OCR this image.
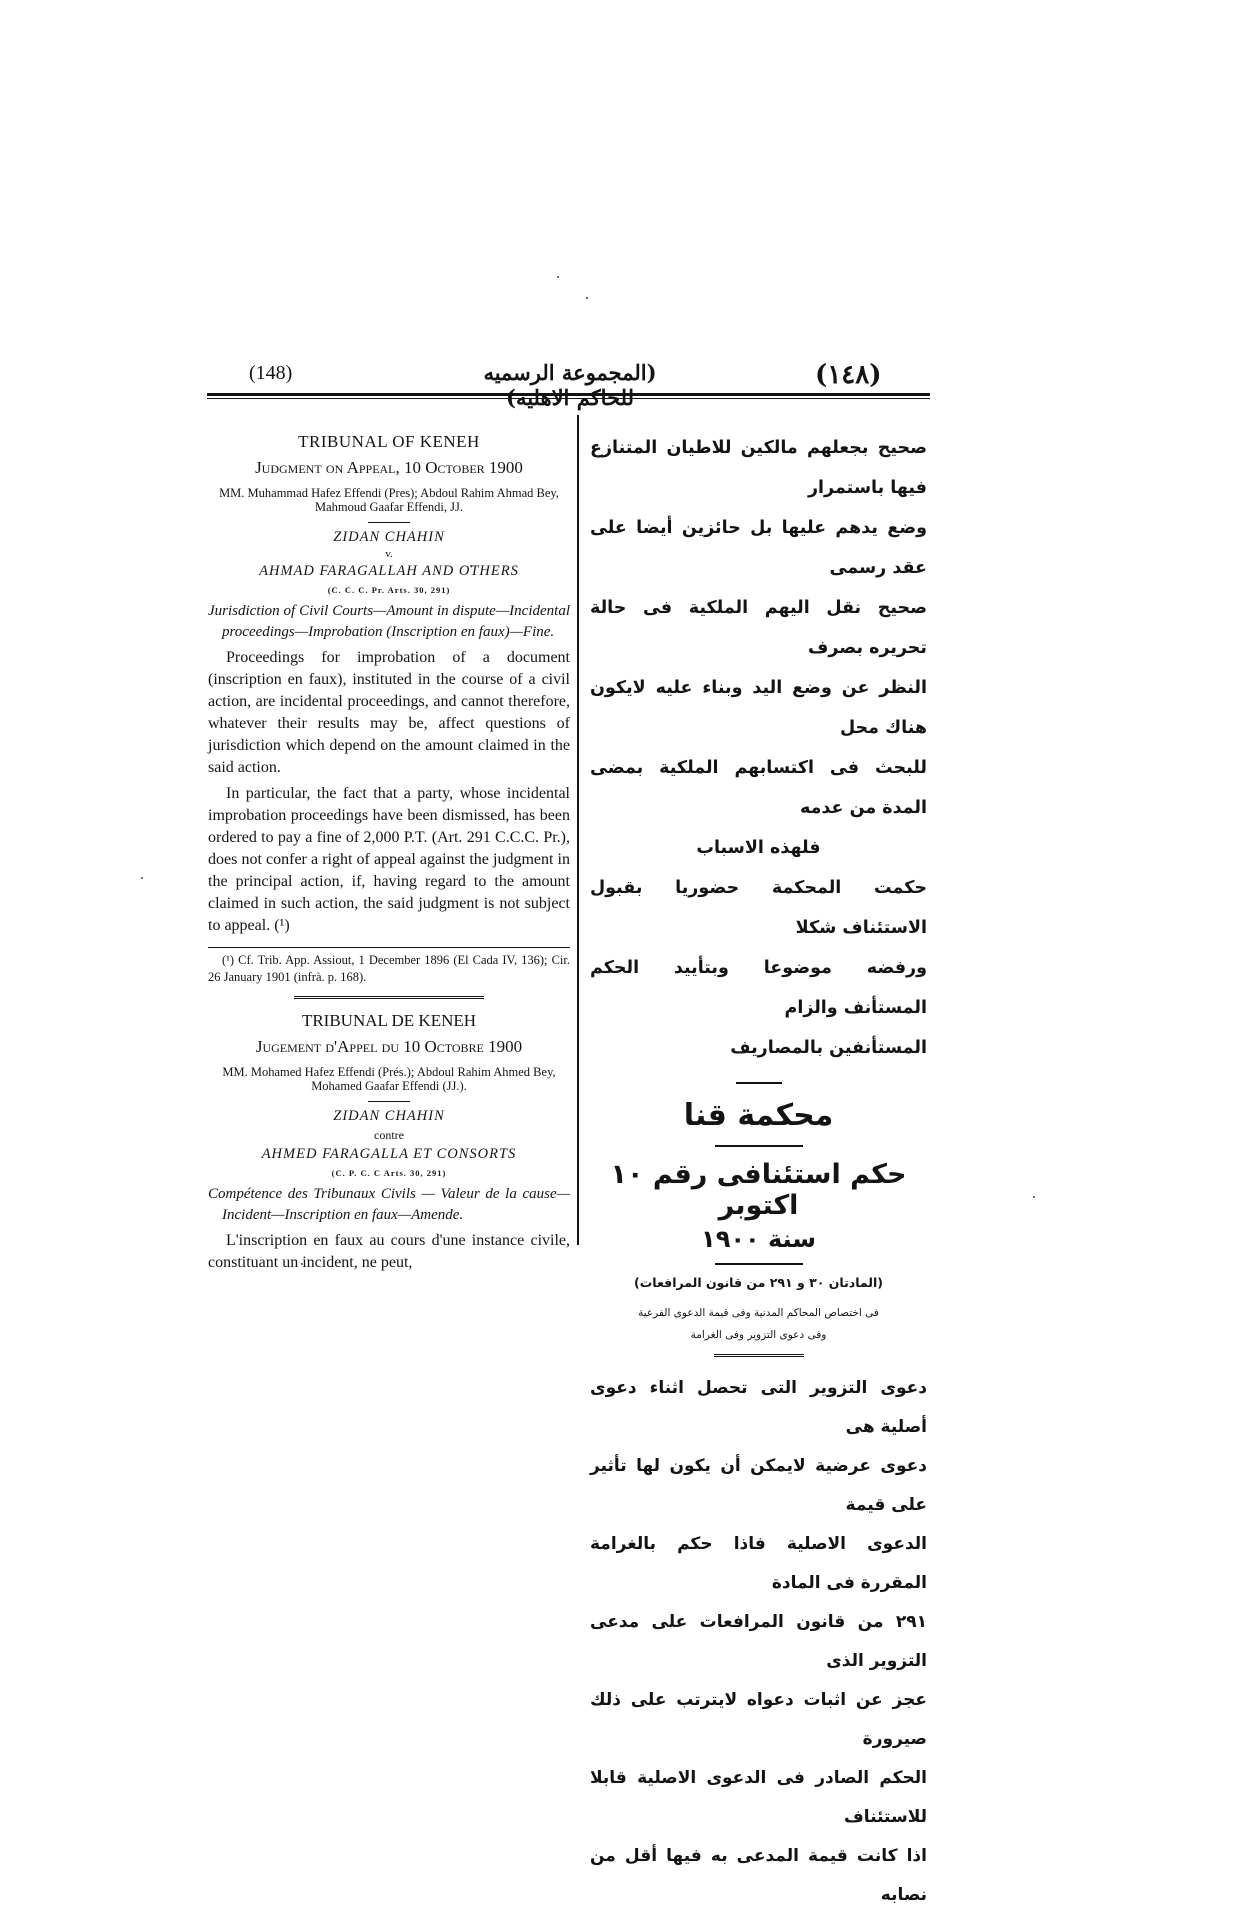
(148)	(المجموعة الرسميه للحاكم الاهليه)
(١٤٨)

TRIBUNAL OF KENEH

Judgment on Appeal, 10 October 1900

MM. Muhammad Hafez Effendi (Pres); Abdoul Rahim Ahmad Bey, Mahmoud Gaafar Effendi, JJ.

ZIDAN CHAHIN

v.

AHMAD FARAGALLAH AND OTHERS

(C. C. C. Pr. Arts. 30, 291)

Jurisdiction of Civil Courts—Amount in dispute—Incidental proceedings—Improbation (Inscription en faux)—Fine.

Proceedings for improbation of a document (inscription en faux), instituted in the course of a civil action, are incidental proceedings, and cannot therefore, whatever their results may be, affect questions of jurisdiction which depend on the amount claimed in the said action.

In particular, the fact that a party, whose incidental improbation proceedings have been dismissed, has been ordered to pay a fine of 2,000 P.T. (Art. 291 C.C.C. Pr.), does not confer a right of appeal against the judgment in the principal action, if, having regard to the amount claimed in such action, the said judgment is not subject to appeal. (¹)

(¹) Cf. Trib. App. Assiout, 1 December 1896 (El Cada IV, 136); Cir. 26 January 1901 (infrà. p. 168).

TRIBUNAL DE KENEH

Jugement d'Appel du 10 Octobre 1900

MM. Mohamed Hafez Effendi (Prés.); Abdoul Rahim Ahmed Bey, Mohamed Gaafar Effendi (JJ.).

ZIDAN CHAHIN

contre

AHMED FARAGALLA ET CONSORTS

(C. P. C. C Arts. 30, 291)

Compétence des Tribunaux Civils — Valeur de la cause—Incident—Inscription en faux—Amende.

L'inscription en faux au cours d'une instance civile, constituant un incident, ne peut,

صحيح بجعلهم مالكين للاطيان المتنازع فيها باستمرار

وضع يدهم عليها بل حائزين أيضا على عقد رسمى

صحيح نقل اليهم الملكية فى حالة تحريره بصرف

النظر عن وضع اليد وبناء عليه لايكون هناك محل

للبحث فى اكتسابهم الملكية بمضى المدة من عدمه

فلهذه الاسباب

حكمت المحكمة حضوريا بقبول الاستئناف شكلا

ورفضه موضوعا وبتأييد الحكم المستأنف والزام

المستأنفين بالمصاريف

محكمة قنا

حكم استئنافى رقم ١٠ اكتوبر

سنة ١٩٠٠

(المادتان ٣٠ و ٢٩١ من قانون المرافعات)

فى اختصاص المحاكم المدنية وفى قيمة الدعوى الفرعية

وفى دعوى التزوير وفى الغرامة

دعوى التزوير التى تحصل اثناء دعوى أصلية هى
دعوى عرضية لايمكن أن يكون لها تأثير على قيمة
الدعوى الاصلية فاذا حكم بالغرامة المقررة فى المادة
٢٩١ من قانون المرافعات على مدعى التزوير الذى
عجز عن اثبات دعواه لايترتب على ذلك صيرورة
الحكم الصادر فى الدعوى الاصلية قابلا للاستئناف
اذا كانت قيمة المدعى به فيها أقل من نصابه
